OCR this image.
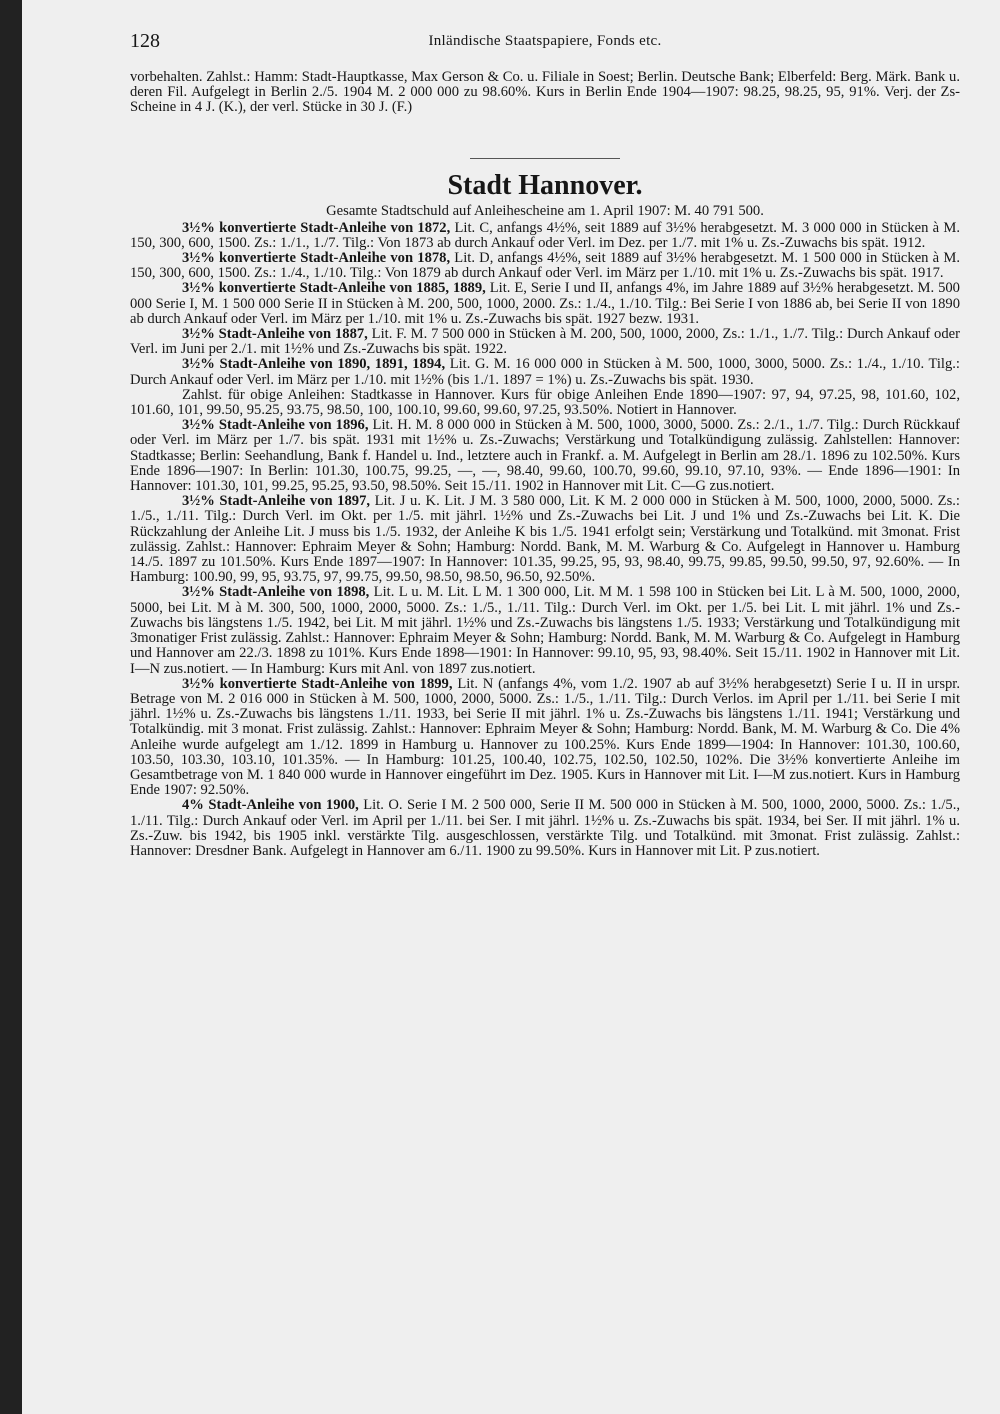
128	Inländische Staatspapiere, Fonds etc.

vorbehalten. Zahlst.: Hamm: Stadt-Hauptkasse, Max Gerson & Co. u. Filiale in Soest; Berlin. Deutsche Bank; Elberfeld: Berg. Märk. Bank u. deren Fil. Aufgelegt in Berlin 2./5. 1904 M. 2 000 000 zu 98.60%. Kurs in Berlin Ende 1904—1907: 98.25, 98.25, 95, 91%. Verj. der Zs-Scheine in 4 J. (K.), der verl. Stücke in 30 J. (F.)

Stadt Hannover.
Gesamte Stadtschuld auf Anleihescheine am 1. April 1907: M. 40 791 500.

3½% konvertierte Stadt-Anleihe von 1872, Lit. C, anfangs 4½%, seit 1889 auf 3½% herabgesetzt. M. 3 000 000 in Stücken à M. 150, 300, 600, 1500. Zs.: 1./1., 1./7. Tilg.: Von 1873 ab durch Ankauf oder Verl. im Dez. per 1./7. mit 1% u. Zs.-Zuwachs bis spät. 1912.

3½% konvertierte Stadt-Anleihe von 1878, Lit. D, anfangs 4½%, seit 1889 auf 3½% herabgesetzt. M. 1 500 000 in Stücken à M. 150, 300, 600, 1500. Zs.: 1./4., 1./10. Tilg.: Von 1879 ab durch Ankauf oder Verl. im März per 1./10. mit 1% u. Zs.-Zuwachs bis spät. 1917.

3½% konvertierte Stadt-Anleihe von 1885, 1889, Lit. E, Serie I und II, anfangs 4%, im Jahre 1889 auf 3½% herabgesetzt. M. 500 000 Serie I, M. 1 500 000 Serie II in Stücken à M. 200, 500, 1000, 2000. Zs.: 1./4., 1./10. Tilg.: Bei Serie I von 1886 ab, bei Serie II von 1890 ab durch Ankauf oder Verl. im März per 1./10. mit 1% u. Zs.-Zuwachs bis spät. 1927 bezw. 1931.

3½% Stadt-Anleihe von 1887, Lit. F. M. 7 500 000 in Stücken à M. 200, 500, 1000, 2000, Zs.: 1./1., 1./7. Tilg.: Durch Ankauf oder Verl. im Juni per 2./1. mit 1½% und Zs.-Zuwachs bis spät. 1922.

3½% Stadt-Anleihe von 1890, 1891, 1894, Lit. G. M. 16 000 000 in Stücken à M. 500, 1000, 3000, 5000. Zs.: 1./4., 1./10. Tilg.: Durch Ankauf oder Verl. im März per 1./10. mit 1½% (bis 1./1. 1897 = 1%) u. Zs.-Zuwachs bis spät. 1930.

Zahlst. für obige Anleihen: Stadtkasse in Hannover. Kurs für obige Anleihen Ende 1890—1907: 97, 94, 97.25, 98, 101.60, 102, 101.60, 101, 99.50, 95.25, 93.75, 98.50, 100, 100.10, 99.60, 99.60, 97.25, 93.50%. Notiert in Hannover.

3½% Stadt-Anleihe von 1896, Lit. H. M. 8 000 000 in Stücken à M. 500, 1000, 3000, 5000. Zs.: 2./1., 1./7. Tilg.: Durch Rückkauf oder Verl. im März per 1./7. bis spät. 1931 mit 1½% u. Zs.-Zuwachs; Verstärkung und Totalkündigung zulässig. Zahlstellen: Hannover: Stadtkasse; Berlin: Seehandlung, Bank f. Handel u. Ind., letztere auch in Frankf. a. M. Aufgelegt in Berlin am 28./1. 1896 zu 102.50%. Kurs Ende 1896—1907: In Berlin: 101.30, 100.75, 99.25, —, —, 98.40, 99.60, 100.70, 99.60, 99.10, 97.10, 93%. — Ende 1896—1901: In Hannover: 101.30, 101, 99.25, 95.25, 93.50, 98.50%. Seit 15./11. 1902 in Hannover mit Lit. C—G zus.notiert.

3½% Stadt-Anleihe von 1897, Lit. J u. K. Lit. J M. 3 580 000, Lit. K M. 2 000 000 in Stücken à M. 500, 1000, 2000, 5000. Zs.: 1./5., 1./11. Tilg.: Durch Verl. im Okt. per 1./5. mit jährl. 1½% und Zs.-Zuwachs bei Lit. J und 1% und Zs.-Zuwachs bei Lit. K. Die Rückzahlung der Anleihe Lit. J muss bis 1./5. 1932, der Anleihe K bis 1./5. 1941 erfolgt sein; Verstärkung und Totalkünd. mit 3monat. Frist zulässig. Zahlst.: Hannover: Ephraim Meyer & Sohn; Hamburg: Nordd. Bank, M. M. Warburg & Co. Aufgelegt in Hannover u. Hamburg 14./5. 1897 zu 101.50%. Kurs Ende 1897—1907: In Hannover: 101.35, 99.25, 95, 93, 98.40, 99.75, 99.85, 99.50, 99.50, 97, 92.60%. — In Hamburg: 100.90, 99, 95, 93.75, 97, 99.75, 99.50, 98.50, 98.50, 96.50, 92.50%.

3½% Stadt-Anleihe von 1898, Lit. L u. M. Lit. L M. 1 300 000, Lit. M M. 1 598 100 in Stücken bei Lit. L à M. 500, 1000, 2000, 5000, bei Lit. M à M. 300, 500, 1000, 2000, 5000. Zs.: 1./5., 1./11. Tilg.: Durch Verl. im Okt. per 1./5. bei Lit. L mit jährl. 1% und Zs.-Zuwachs bis längstens 1./5. 1942, bei Lit. M mit jährl. 1½% und Zs.-Zuwachs bis längstens 1./5. 1933; Verstärkung und Totalkündigung mit 3monatiger Frist zulässig. Zahlst.: Hannover: Ephraim Meyer & Sohn; Hamburg: Nordd. Bank, M. M. Warburg & Co. Aufgelegt in Hamburg und Hannover am 22./3. 1898 zu 101%. Kurs Ende 1898—1901: In Hannover: 99.10, 95, 93, 98.40%. Seit 15./11. 1902 in Hannover mit Lit. I—N zus.notiert. — In Hamburg: Kurs mit Anl. von 1897 zus.notiert.

3½% konvertierte Stadt-Anleihe von 1899, Lit. N (anfangs 4%, vom 1./2. 1907 ab auf 3½% herabgesetzt) Serie I u. II in urspr. Betrage von M. 2 016 000 in Stücken à M. 500, 1000, 2000, 5000. Zs.: 1./5., 1./11. Tilg.: Durch Verlos. im April per 1./11. bei Serie I mit jährl. 1½% u. Zs.-Zuwachs bis längstens 1./11. 1933, bei Serie II mit jährl. 1% u. Zs.-Zuwachs bis längstens 1./11. 1941; Verstärkung und Totalkündig. mit 3 monat. Frist zulässig. Zahlst.: Hannover: Ephraim Meyer & Sohn; Hamburg: Nordd. Bank, M. M. Warburg & Co. Die 4% Anleihe wurde aufgelegt am 1./12. 1899 in Hamburg u. Hannover zu 100.25%. Kurs Ende 1899—1904: In Hannover: 101.30, 100.60, 103.50, 103.30, 103.10, 101.35%. — In Hamburg: 101.25, 100.40, 102.75, 102.50, 102.50, 102%. Die 3½% konvertierte Anleihe im Gesamtbetrage von M. 1 840 000 wurde in Hannover eingeführt im Dez. 1905. Kurs in Hannover mit Lit. I—M zus.notiert. Kurs in Hamburg Ende 1907: 92.50%.

4% Stadt-Anleihe von 1900, Lit. O. Serie I M. 2 500 000, Serie II M. 500 000 in Stücken à M. 500, 1000, 2000, 5000. Zs.: 1./5., 1./11. Tilg.: Durch Ankauf oder Verl. im April per 1./11. bei Ser. I mit jährl. 1½% u. Zs.-Zuwachs bis spät. 1934, bei Ser. II mit jährl. 1% u. Zs.-Zuw. bis 1942, bis 1905 inkl. verstärkte Tilg. ausgeschlossen, verstärkte Tilg. und Totalkünd. mit 3monat. Frist zulässig. Zahlst.: Hannover: Dresdner Bank. Aufgelegt in Hannover am 6./11. 1900 zu 99.50%. Kurs in Hannover mit Lit. P zus.notiert.
